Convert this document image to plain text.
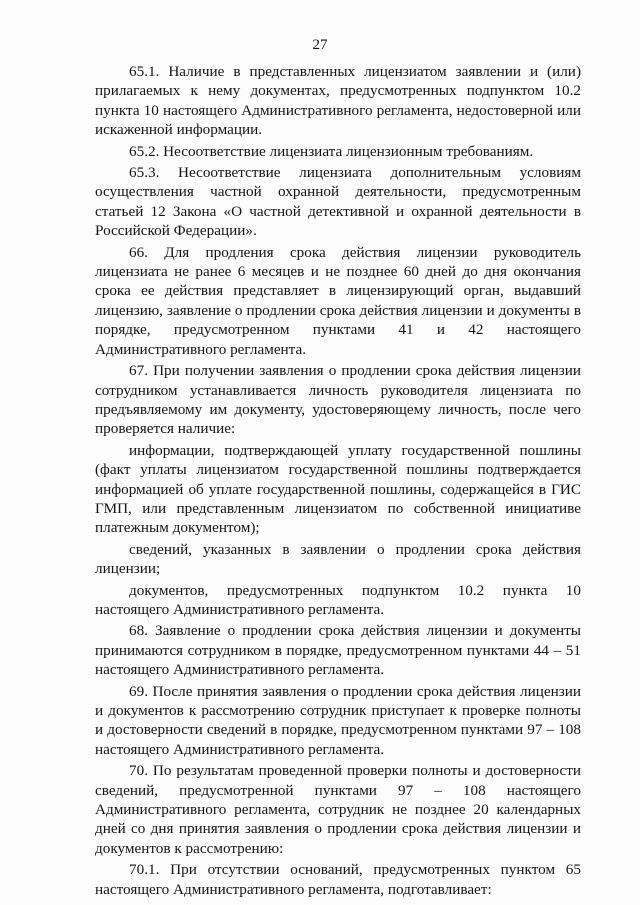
27

65.1. Наличие в представленных лицензиатом заявлении и (или) прилагаемых к нему документах, предусмотренных подпунктом 10.2 пункта 10 настоящего Административного регламента, недостоверной или искаженной информации.

65.2. Несоответствие лицензиата лицензионным требованиям.

65.3. Несоответствие лицензиата дополнительным условиям осуществления частной охранной деятельности, предусмотренным статьей 12 Закона «О частной детективной и охранной деятельности в Российской Федерации».

66. Для продления срока действия лицензии руководитель лицензиата не ранее 6 месяцев и не позднее 60 дней до дня окончания срока ее действия представляет в лицензирующий орган, выдавший лицензию, заявление о продлении срока действия лицензии и документы в порядке, предусмотренном пунктами 41 и 42 настоящего Административного регламента.

67. При получении заявления о продлении срока действия лицензии сотрудником устанавливается личность руководителя лицензиата по предъявляемому им документу, удостоверяющему личность, после чего проверяется наличие:

информации, подтверждающей уплату государственной пошлины (факт уплаты лицензиатом государственной пошлины подтверждается информацией об уплате государственной пошлины, содержащейся в ГИС ГМП, или представленным лицензиатом по собственной инициативе платежным документом);

сведений, указанных в заявлении о продлении срока действия лицензии;

документов, предусмотренных подпунктом 10.2 пункта 10 настоящего Административного регламента.

68. Заявление о продлении срока действия лицензии и документы принимаются сотрудником в порядке, предусмотренном пунктами 44 – 51 настоящего Административного регламента.

69. После принятия заявления о продлении срока действия лицензии и документов к рассмотрению сотрудник приступает к проверке полноты и достоверности сведений в порядке, предусмотренном пунктами 97 – 108 настоящего Административного регламента.

70. По результатам проведенной проверки полноты и достоверности сведений, предусмотренной пунктами 97 – 108 настоящего Административного регламента, сотрудник не позднее 20 календарных дней со дня принятия заявления о продлении срока действия лицензии и документов к рассмотрению:

70.1. При отсутствии оснований, предусмотренных пунктом 65 настоящего Административного регламента, подготавливает:
